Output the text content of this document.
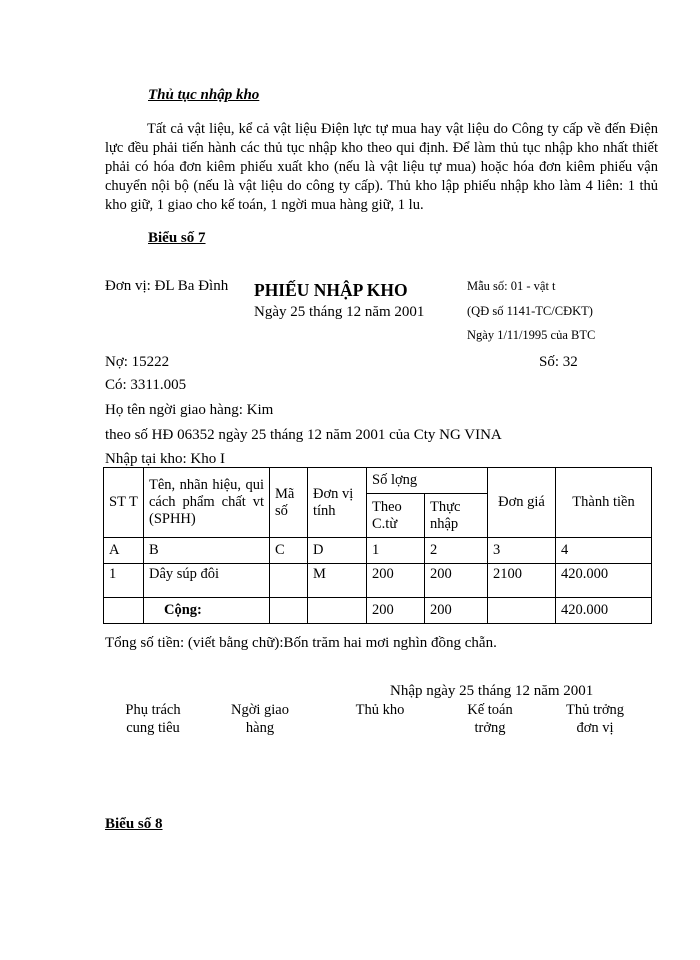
Thủ tục nhập kho
Tất cả vật liệu, kể cả vật liệu Điện lực tự mua hay vật liệu do Công ty cấp về đến Điện lực đều phải tiến hành các thủ tục nhập kho theo qui định. Để làm thủ tục nhập kho nhất thiết phải có hóa đơn kiêm phiếu xuất kho (nếu là vật liệu tự mua) hoặc hóa đơn kiêm phiếu vận chuyển nội bộ (nếu là vật liệu do công ty cấp). Thủ kho lập phiếu nhập kho làm 4 liên: 1 thủ kho giữ, 1 giao cho kế toán, 1 ngời mua hàng giữ, 1 lu.
Biểu số 7
Đơn vị: ĐL Ba Đình PHIẾU NHẬP KHO
Ngày 25 tháng 12 năm 2001
Mẫu số: 01 - vật t
(QĐ số 1141-TC/CĐKT)
Ngày 1/11/1995 của BTC
Nợ: 15222	Số: 32
Có: 3311.005
Họ tên ngời giao hàng: Kim
theo số HĐ 06352 ngày 25 tháng 12 năm 2001 của Cty NG VINA
Nhập tại kho: Kho I
ST T	Tên, nhãn hiệu, qui cách phẩm chất vt (SPHH)	Mã số	Đơn vị tính	Số lợng		Đơn giá	Thành tiền
				Theo C.từ	Thực nhập		
A	B	C	D	1	2	3	4
1	Dây súp đôi		M	200	200	2100	420.000
	Cộng:			200	200		420.000
Tổng số tiền: (viết bằng chữ):Bốn trăm hai mơi nghìn đồng chẵn.
Nhập ngày 25 tháng 12 năm 2001
Phụ trách
cung tiêu
Ngời giao
hàng
Thủ kho	Kế toán
trởng
Thủ trởng
đơn vị
Biểu số 8
